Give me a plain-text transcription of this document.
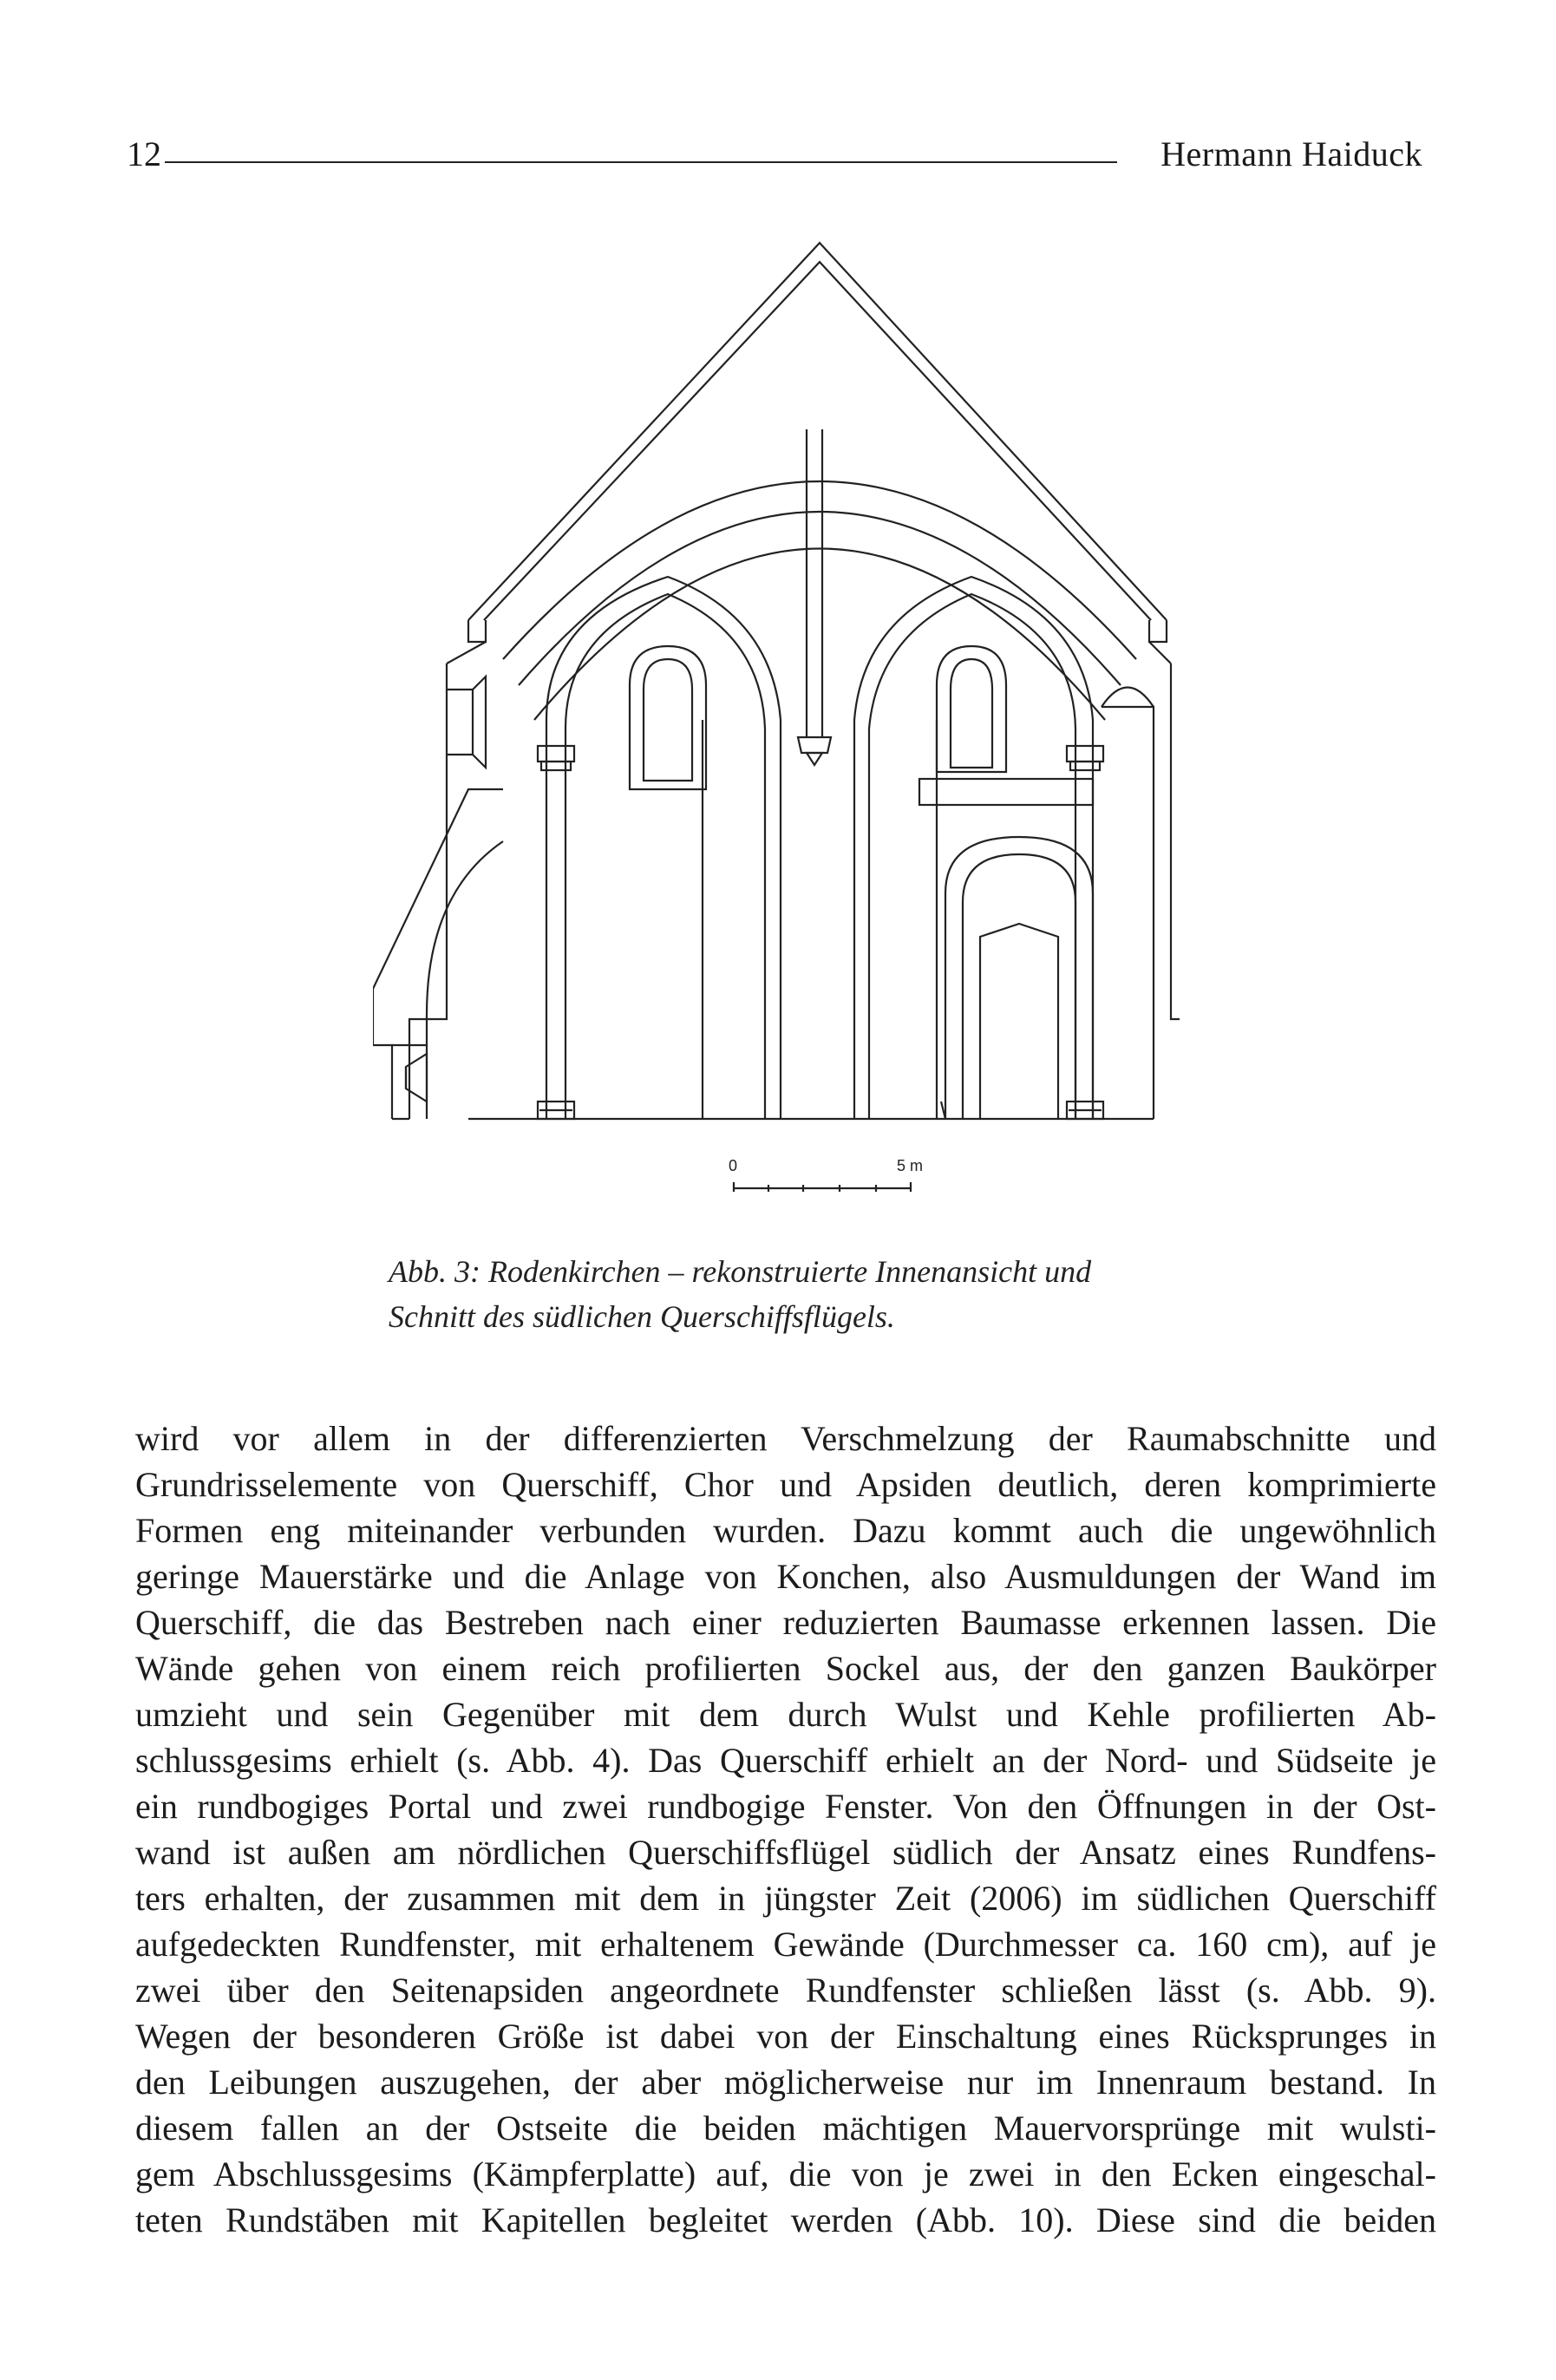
12	Hermann Haiduck
0	5 m
Abb. 3: Rodenkirchen – rekonstruierte Innenansicht und
Schnitt des südlichen Querschiffsflügels.
wird vor allem in der differenzierten Verschmelzung der Raumabschnitte und
Grundrisselemente von Querschiff, Chor und Apsiden deutlich, deren komprimierte
Formen eng miteinander verbunden wurden. Dazu kommt auch die ungewöhnlich
geringe Mauerstärke und die Anlage von Konchen, also Ausmuldungen der Wand im
Querschiff, die das Bestreben nach einer reduzierten Baumasse erkennen lassen. Die
Wände gehen von einem reich profilierten Sockel aus, der den ganzen Baukörper
umzieht und sein Gegenüber mit dem durch Wulst und Kehle profilierten Ab-
schlussgesims erhielt (s. Abb. 4). Das Querschiff erhielt an der Nord- und Südseite je
ein rundbogiges Portal und zwei rundbogige Fenster. Von den Öffnungen in der Ost-
wand ist außen am nördlichen Querschiffsflügel südlich der Ansatz eines Rundfens-
ters erhalten, der zusammen mit dem in jüngster Zeit (2006) im südlichen Querschiff
aufgedeckten Rundfenster, mit erhaltenem Gewände (Durchmesser ca. 160 cm), auf je
zwei über den Seitenapsiden angeordnete Rundfenster schließen lässt (s. Abb. 9).
Wegen der besonderen Größe ist dabei von der Einschaltung eines Rücksprunges in
den Leibungen auszugehen, der aber möglicherweise nur im Innenraum bestand. In
diesem fallen an der Ostseite die beiden mächtigen Mauervorsprünge mit wulsti-
gem Abschlussgesims (Kämpferplatte) auf, die von je zwei in den Ecken eingeschal-
teten Rundstäben mit Kapitellen begleitet werden (Abb. 10). Diese sind die beiden
